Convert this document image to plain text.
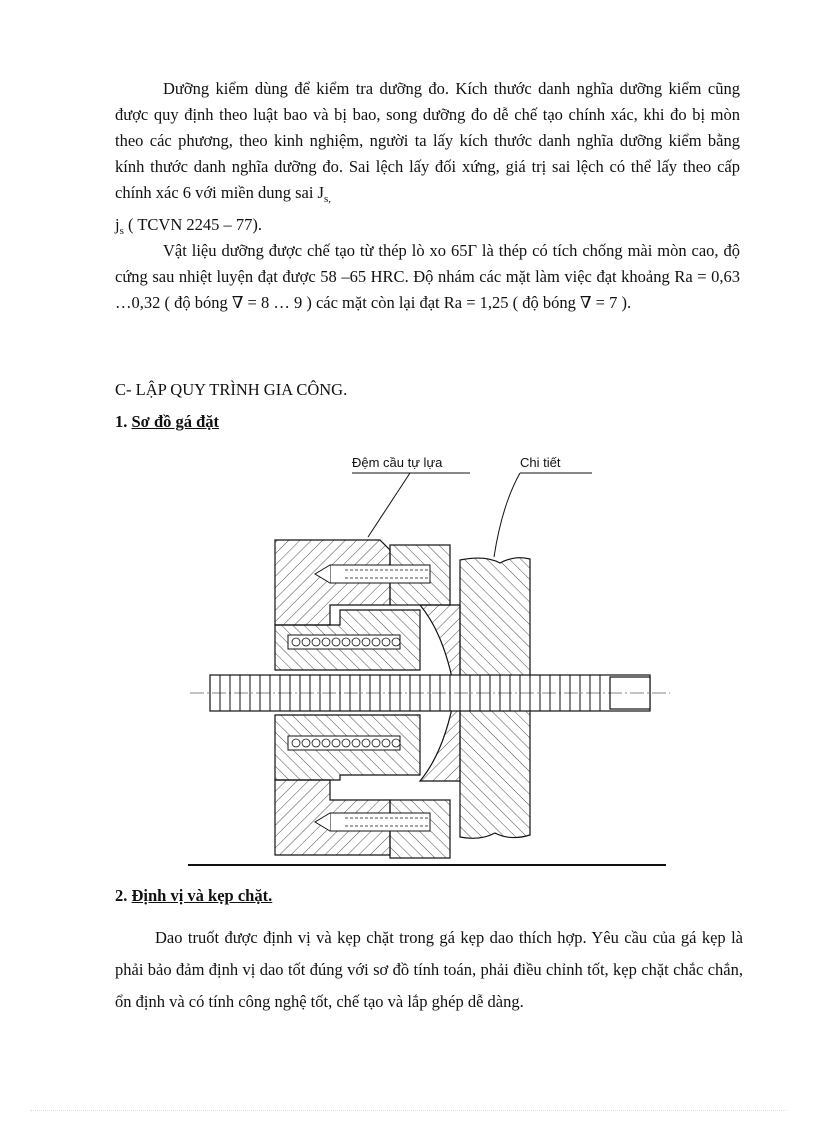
Dưỡng kiểm dùng để kiểm tra dưỡng đo. Kích thước danh nghĩa dưỡng kiểm cũng được quy định theo luật bao và bị bao, song dưỡng đo dễ chế tạo chính xác, khi đo bị mòn theo các phương, theo kinh nghiệm, người ta lấy kích thước danh nghĩa dưỡng kiểm bằng kính thước danh nghĩa dưỡng đo. Sai lệch lấy đối xứng, giá trị sai lệch có thể lấy theo cấp chính xác 6 với miền dung sai $J_{s,}$
$j_s$ ( TCVN 2245 – 77).

Vật liệu dưỡng được chế tạo từ thép lò xo 65Γ là thép có tích chống mài mòn cao, độ cứng sau nhiệt luyện đạt được 58 –65 HRC. Độ nhám các mặt làm việc đạt khoảng Ra = 0,63 …0,32 ( độ bóng ∇ = 8 … 9 ) các mặt còn lại đạt Ra = 1,25 ( độ bóng ∇ = 7 ).

C- LẬP QUY TRÌNH GIA CÔNG.

1. Sơ đồ gá đặt

Đệm cầu tự lựa	Chi tiết

2. Định vị và kẹp chặt.

Dao truốt được định vị và kẹp chặt trong gá kẹp dao thích hợp. Yêu cầu của gá kẹp là phải bảo đảm định vị dao tốt đúng với sơ đồ tính toán, phải điều chỉnh tốt, kẹp chặt chắc chắn, ổn định và có tính công nghệ tốt, chế tạo và lắp ghép dễ dàng.
